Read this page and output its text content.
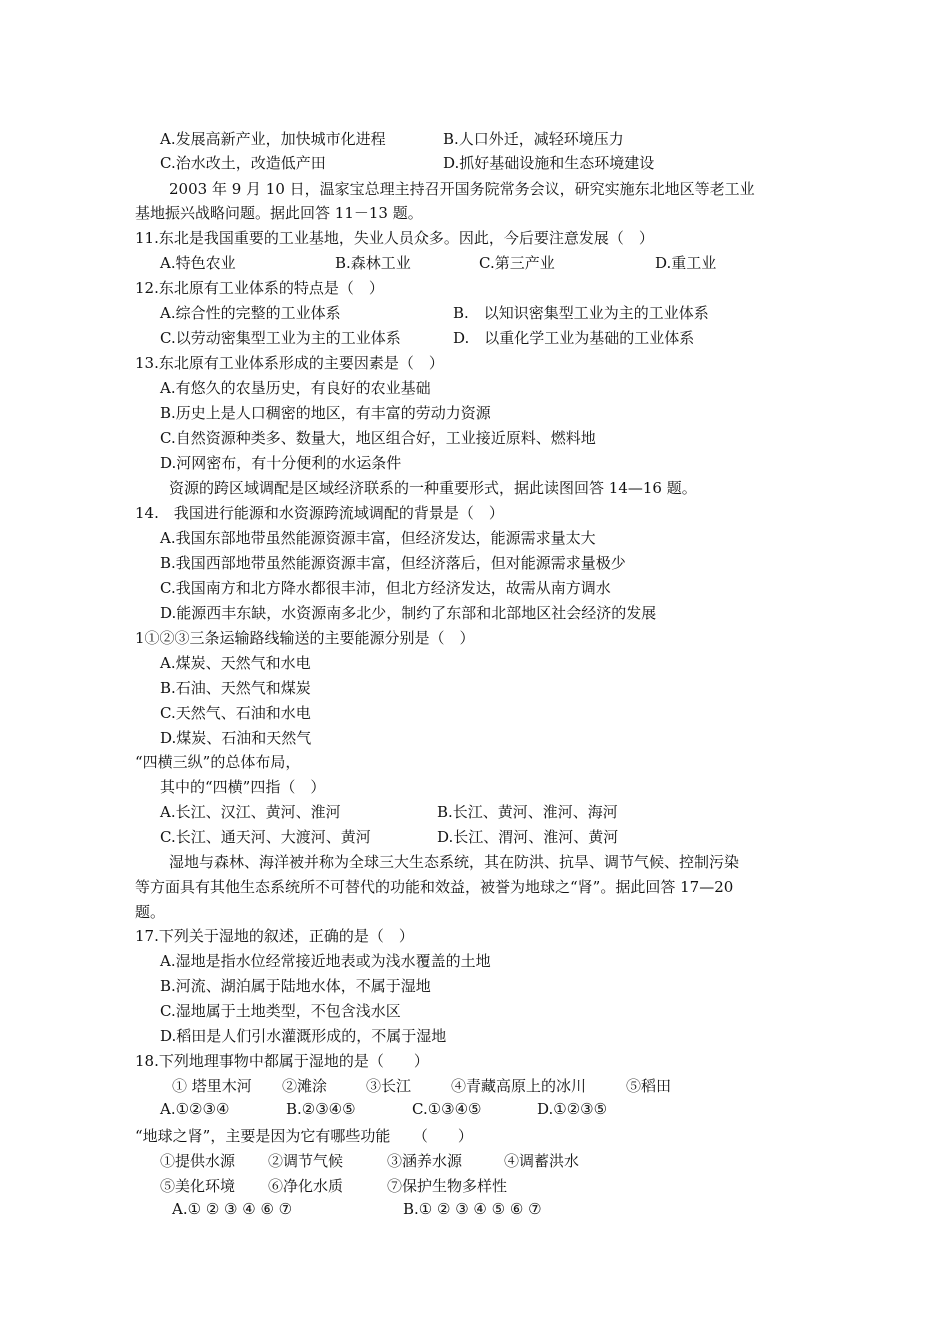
A.发展高新产业，加快城市化进程	B.人口外迁，减轻环境压力
C.治水改土，改造低产田	D.抓好基础设施和生态环境建设
2003 年 9 月 10 日，温家宝总理主持召开国务院常务会议，研究实施东北地区等老工业
基地振兴战略问题。据此回答 11－13 题。
11.东北是我国重要的工业基地，失业人员众多。因此，今后要注意发展（　）
A.特色农业	B.森林工业	C.第三产业	D.重工业
12.东北原有工业体系的特点是（　）
A.综合性的完整的工业体系	B.　以知识密集型工业为主的工业体系
C.以劳动密集型工业为主的工业体系	D.　以重化学工业为基础的工业体系
13.东北原有工业体系形成的主要因素是（　）
A.有悠久的农垦历史，有良好的农业基础
B.历史上是人口稠密的地区，有丰富的劳动力资源
C.自然资源种类多、数量大，地区组合好，工业接近原料、燃料地
D.河网密布，有十分便利的水运条件
资源的跨区域调配是区域经济联系的一种重要形式，据此读图回答 14—16 题。
14.　我国进行能源和水资源跨流域调配的背景是（　）
A.我国东部地带虽然能源资源丰富，但经济发达，能源需求量太大
B.我国西部地带虽然能源资源丰富，但经济落后，但对能源需求量极少
C.我国南方和北方降水都很丰沛，但北方经济发达，故需从南方调水
D.能源西丰东缺，水资源南多北少，制约了东部和北部地区社会经济的发展
1①②③三条运输路线输送的主要能源分别是（　）
A.煤炭、天然气和水电
B.石油、天然气和煤炭
C.天然气、石油和水电
D.煤炭、石油和天然气
“四横三纵”的总体布局，
其中的“四横”四指（　）
A.长江、汉江、黄河、淮河	B.长江、黄河、淮河、海河
C.长江、通天河、大渡河、黄河	D.长江、渭河、淮河、黄河
湿地与森林、海洋被并称为全球三大生态系统，其在防洪、抗旱、调节气候、控制污染
等方面具有其他生态系统所不可替代的功能和效益，被誉为地球之“肾”。据此回答 17—20
题。
17.下列关于湿地的叙述，正确的是（　）
A.湿地是指水位经常接近地表或为浅水覆盖的土地
B.河流、湖泊属于陆地水体，不属于湿地
C.湿地属于土地类型，不包含浅水区
D.稻田是人们引水灌溉形成的，不属于湿地
18.下列地理事物中都属于湿地的是（　　）
① 塔里木河 ②滩涂	③长江	④青藏高原上的冰川	⑤稻田
A.①②③④	B.②③④⑤	C.①③④⑤	D.①②③⑤
“地球之肾”，主要是因为它有哪些功能　　（　　）
①提供水源 ②调节气候	③涵养水源	④调蓄洪水
⑤美化环境 ⑥净化水质	⑦保护生物多样性
A.① ② ③ ④ ⑥ ⑦	B.① ② ③ ④ ⑤ ⑥ ⑦
